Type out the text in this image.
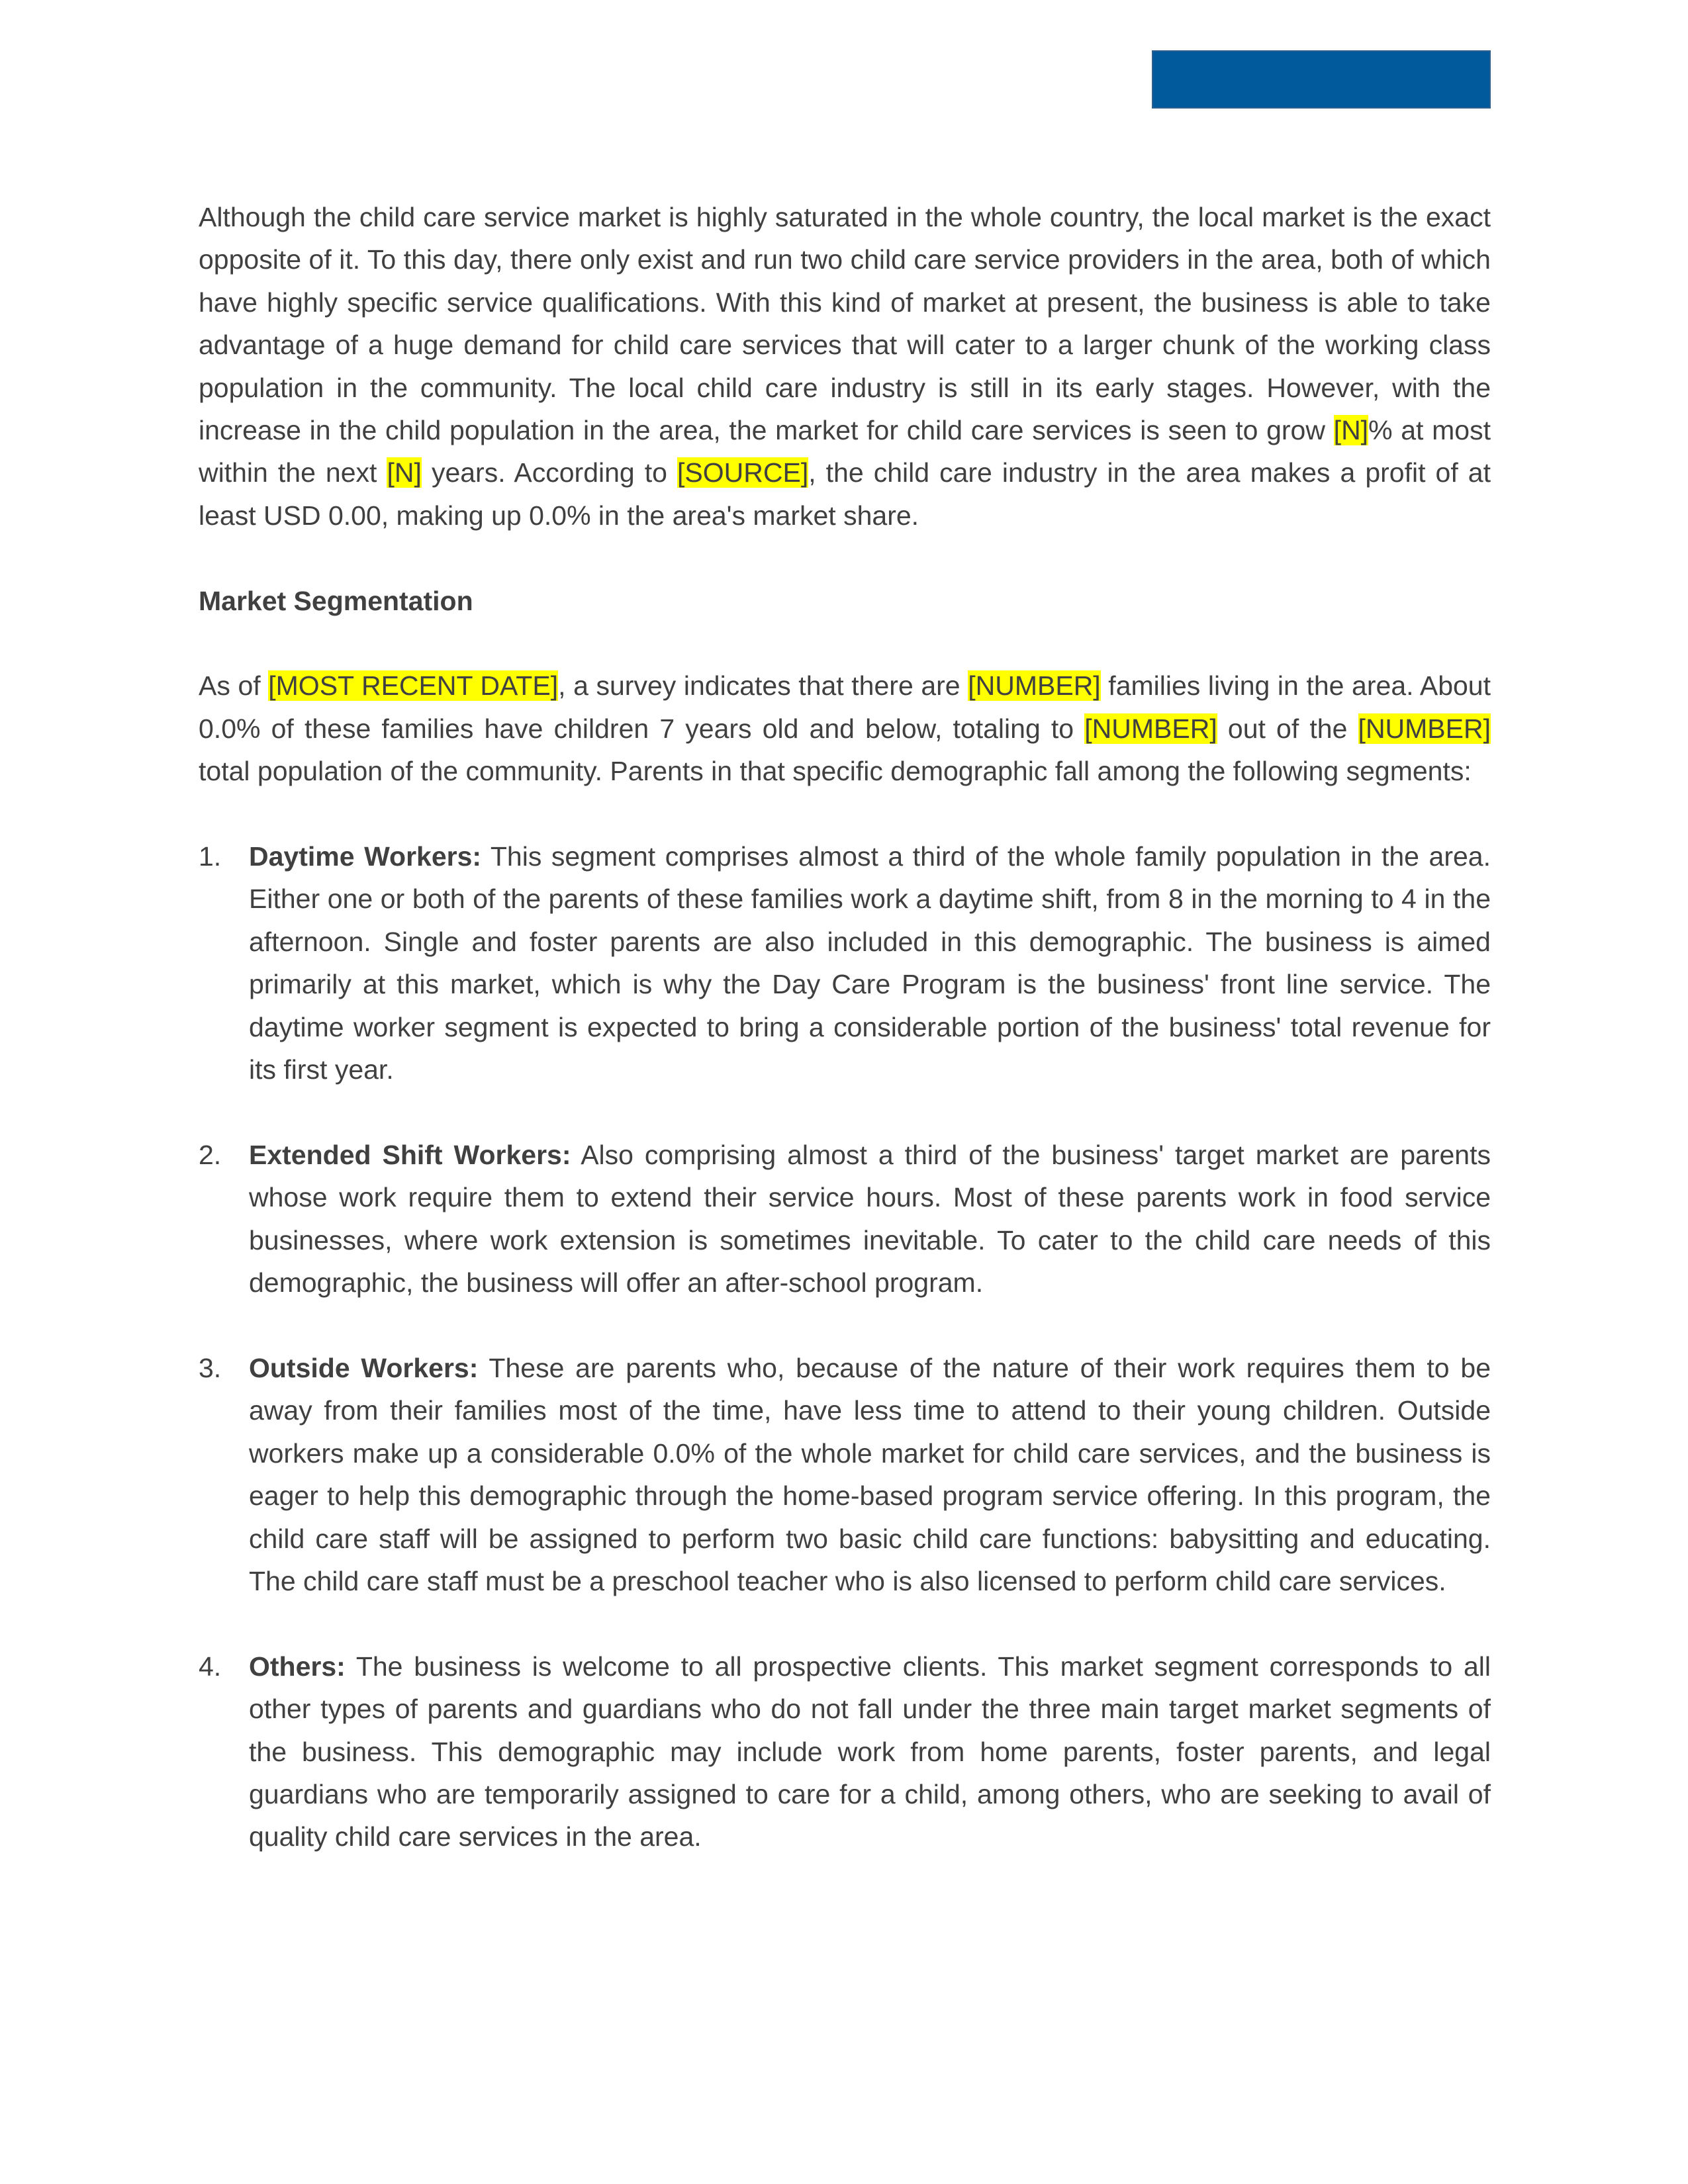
Although the child care service market is highly saturated in the whole country, the local market is the exact opposite of it. To this day, there only exist and run two child care service providers in the area, both of which have highly specific service qualifications. With this kind of market at present, the business is able to take advantage of a huge demand for child care services that will cater to a larger chunk of the working class population in the community. The local child care industry is still in its early stages. However, with the increase in the child population in the area, the market for child care services is seen to grow [N]% at most within the next [N] years. According to [SOURCE], the child care industry in the area makes a profit of at least USD 0.00, making up 0.0% in the area's market share.

Market Segmentation

As of [MOST RECENT DATE], a survey indicates that there are [NUMBER] families living in the area. About 0.0% of these families have children 7 years old and below, totaling to [NUMBER] out of the [NUMBER] total population of the community. Parents in that specific demographic fall among the following segments:

1. Daytime Workers: This segment comprises almost a third of the whole family population in the area. Either one or both of the parents of these families work a daytime shift, from 8 in the morning to 4 in the afternoon. Single and foster parents are also included in this demographic. The business is aimed primarily at this market, which is why the Day Care Program is the business' front line service. The daytime worker segment is expected to bring a considerable portion of the business' total revenue for its first year.
2. Extended Shift Workers: Also comprising almost a third of the business' target market are parents whose work require them to extend their service hours. Most of these parents work in food service businesses, where work extension is sometimes inevitable. To cater to the child care needs of this demographic, the business will offer an after-school program.
3. Outside Workers: These are parents who, because of the nature of their work requires them to be away from their families most of the time, have less time to attend to their young children. Outside workers make up a considerable 0.0% of the whole market for child care services, and the business is eager to help this demographic through the home-based program service offering. In this program, the child care staff will be assigned to perform two basic child care functions: babysitting and educating. The child care staff must be a preschool teacher who is also licensed to perform child care services.
4. Others: The business is welcome to all prospective clients. This market segment corresponds to all other types of parents and guardians who do not fall under the three main target market segments of the business. This demographic may include work from home parents, foster parents, and legal guardians who are temporarily assigned to care for a child, among others, who are seeking to avail of quality child care services in the area.
